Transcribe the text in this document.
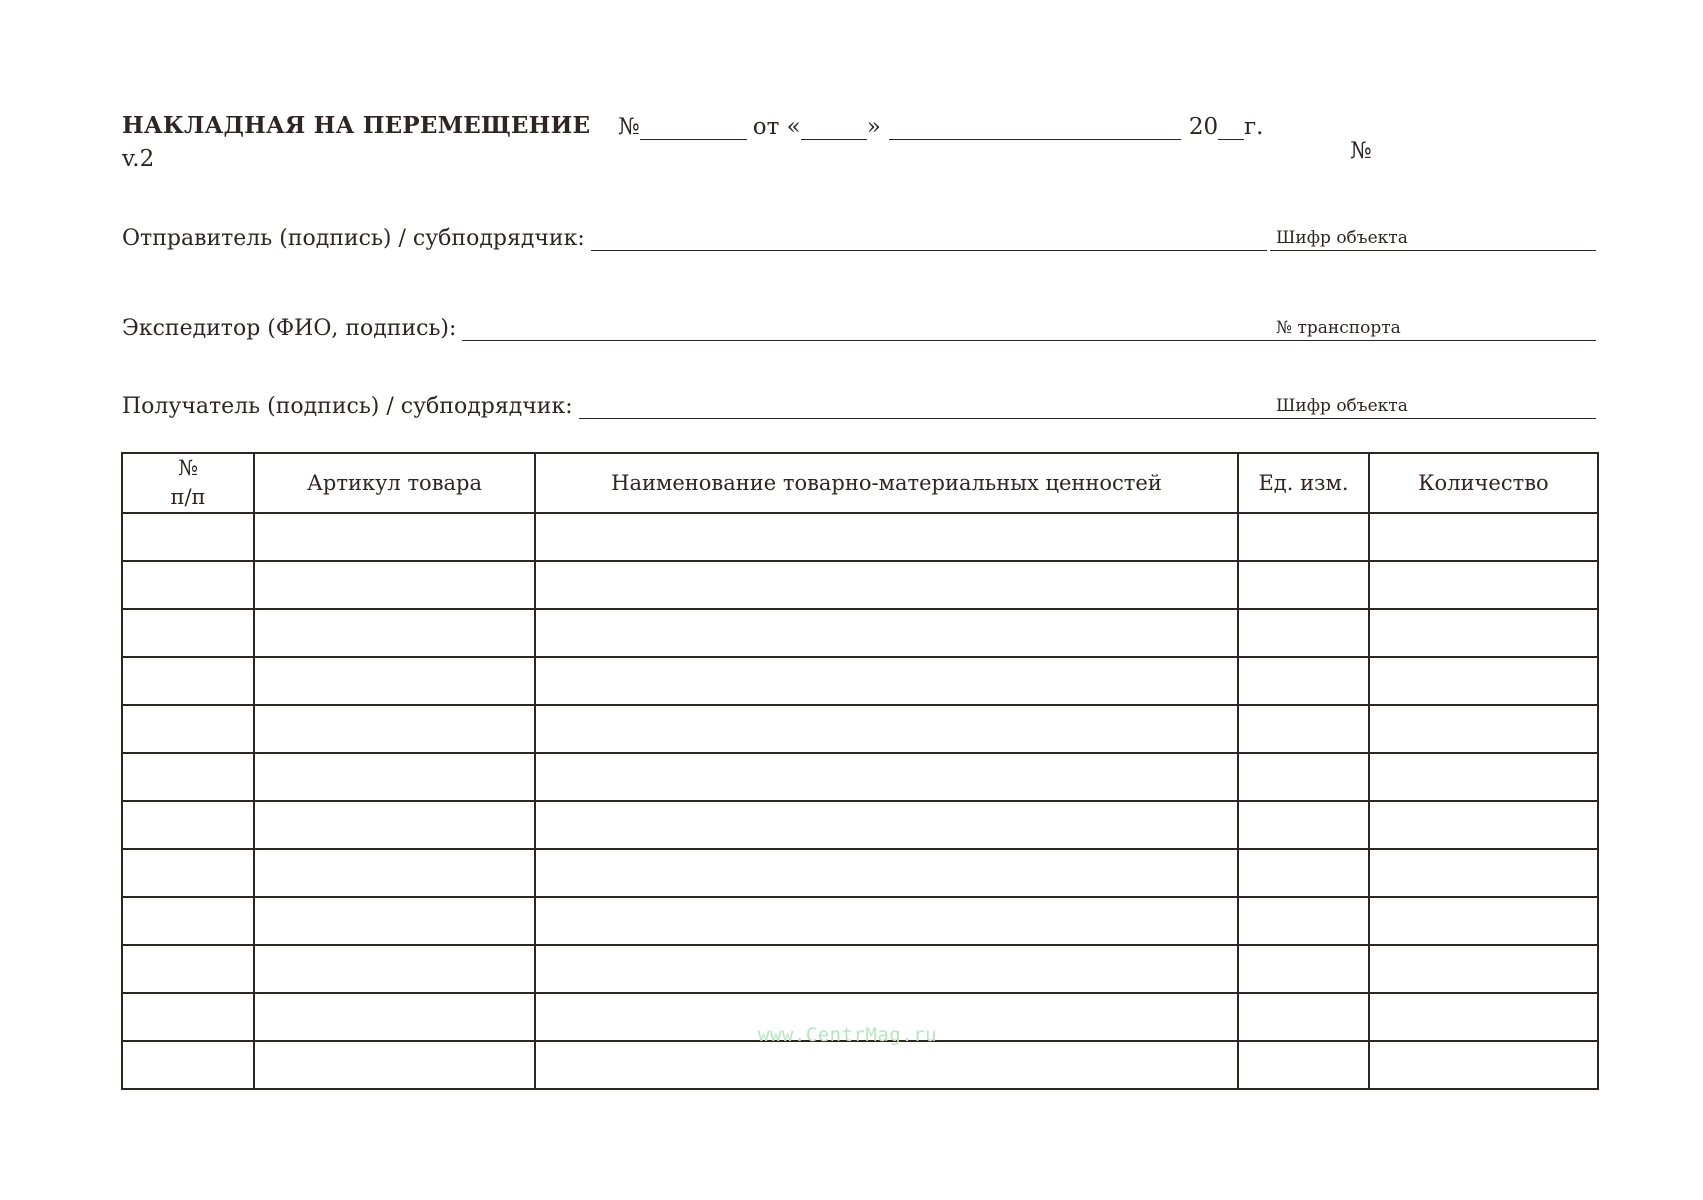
НАКЛАДНАЯ НА ПЕРЕМЕЩЕНИЕ
v.2
№	от «	»	20 г.
№
Отправитель (подпись) / субподрядчик:	Шифр объекта
Экспедитор (ФИО, подпись):	№ транспорта
Получатель (подпись) / субподрядчик:	Шифр объекта
№
п/п	Артикул товара	Наименование товарно-материальных ценностей	Ед. изм.	Количество

www.CentrMag.ru
